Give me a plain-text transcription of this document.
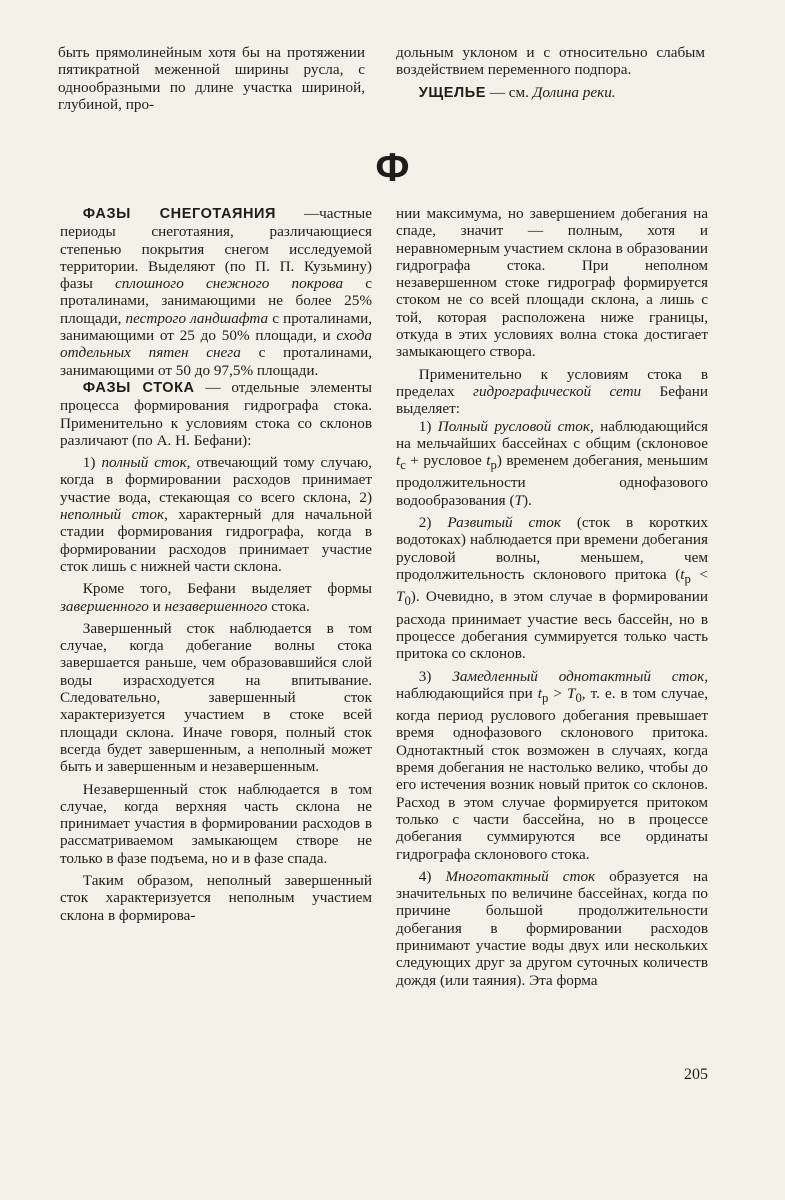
быть прямолинейным хотя бы на протяжении пятикратной меженной ширины русла, с однообразными по длине участка шириной, глубиной, про-

дольным уклоном и с относительно слабым воздействием переменного подпора.

УЩЕЛЬЕ — см. Долина реки.

Ф

ФАЗЫ СНЕГОТАЯНИЯ —частные периоды снеготаяния, различающиеся степенью покрытия снегом исследуемой территории. Выделяют (по П. П. Кузьмину) фазы сплошного снежного покрова с проталинами, занимающими не более 25% площади, пестрого ландшафта с проталинами, занимающими от 25 до 50% площади, и схода отдельных пятен снега с проталинами, занимающими от 50 до 97,5% площади.

ФАЗЫ СТОКА — отдельные элементы процесса формирования гидрографа стока. Применительно к условиям стока со склонов различают (по А. Н. Бефани):

1) полный сток, отвечающий тому случаю, когда в формировании расходов принимает участие вода, стекающая со всего склона, 2) неполный сток, характерный для начальной стадии формирования гидрографа, когда в формировании расходов принимает участие сток лишь с нижней части склона.

Кроме того, Бефани выделяет формы завершенного и незавершенного стока.

Завершенный сток наблюдается в том случае, когда добегание волны стока завершается раньше, чем образовавшийся слой воды израсходуется на впитывание. Следовательно, завершенный сток характеризуется участием в стоке всей площади склона. Иначе говоря, полный сток всегда будет завершенным, а неполный может быть и завершенным и незавершенным.

Незавершенный сток наблюдается в том случае, когда верхняя часть склона не принимает участия в формировании расходов в рассматриваемом замыкающем створе не только в фазе подъема, но и в фазе спада.

Таким образом, неполный завершенный сток характеризуется неполным участием склона в формирова-

нии максимума, но завершением добегания на спаде, значит — полным, хотя и неравномерным участием склона в образовании гидрографа стока. При неполном незавершенном стоке гидрограф формируется стоком не со всей площади склона, а лишь с той, которая расположена ниже границы, откуда в этих условиях волна стока достигает замыкающего створа.

Применительно к условиям стока в пределах гидрографической сети Бефани выделяет:

1) Полный русловой сток, наблюдающийся на мельчайших бассейнах с общим (склоновое $t_с$ + русловое $t_р$) временем добегания, меньшим продолжительности однофазового водообразования (T).

2) Развитый сток (сток в коротких водотоках) наблюдается при времени добегания русловой волны, меньшем, чем продолжительность склонового притока $(t_р < T_0)$. Очевидно, в этом случае в формировании расхода принимает участие весь бассейн, но в процессе добегания суммируется только часть притока со склонов.

3) Замедленный однотактный сток, наблюдающийся при $t_р > T_0$, т. е. в том случае, когда период руслового добегания превышает время однофазового склонового притока. Однотактный сток возможен в случаях, когда время добегания не настолько велико, чтобы до его истечения возник новый приток со склонов. Расход в этом случае формируется притоком только с части бассейна, но в процессе добегания суммируются все ординаты гидрографа склонового стока.

4) Многотактный сток образуется на значительных по величине бассейнах, когда по причине большой продолжительности добегания в формировании расходов принимают участие воды двух или нескольких следующих друг за другом суточных количеств дождя (или таяния). Эта форма

205
